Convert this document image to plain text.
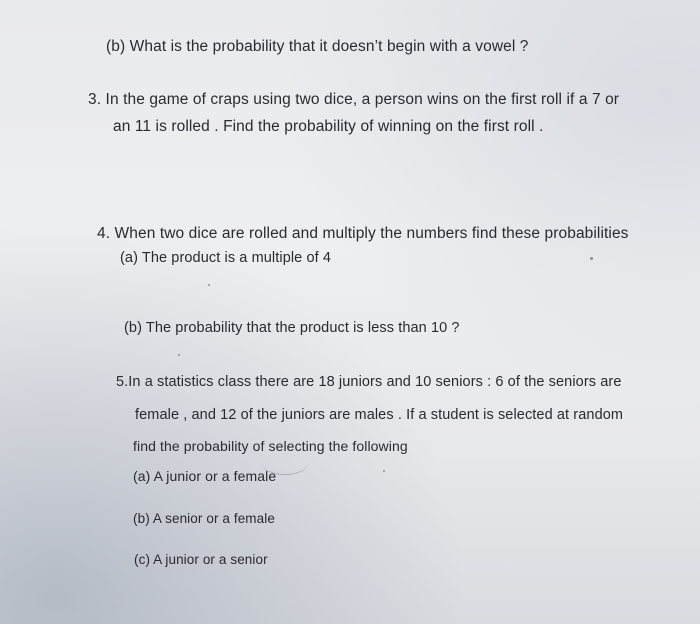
(b) What is the probability that it doesn’t begin with a vowel ?
3. In the game of craps using two dice, a person wins on the first roll if a 7 or
an 11 is rolled . Find the probability of winning on the first roll .
4. When two dice are rolled and multiply the numbers find these probabilities
(a) The product is a multiple of 4
(b) The probability that the product is less than 10 ?
5.In a statistics class there are 18 juniors and 10 seniors : 6 of the seniors are
female , and 12 of the juniors are males . If a student is selected at random
find the probability of selecting the following
(a) A junior or a female
(b) A senior or a female
(c) A junior or a senior
